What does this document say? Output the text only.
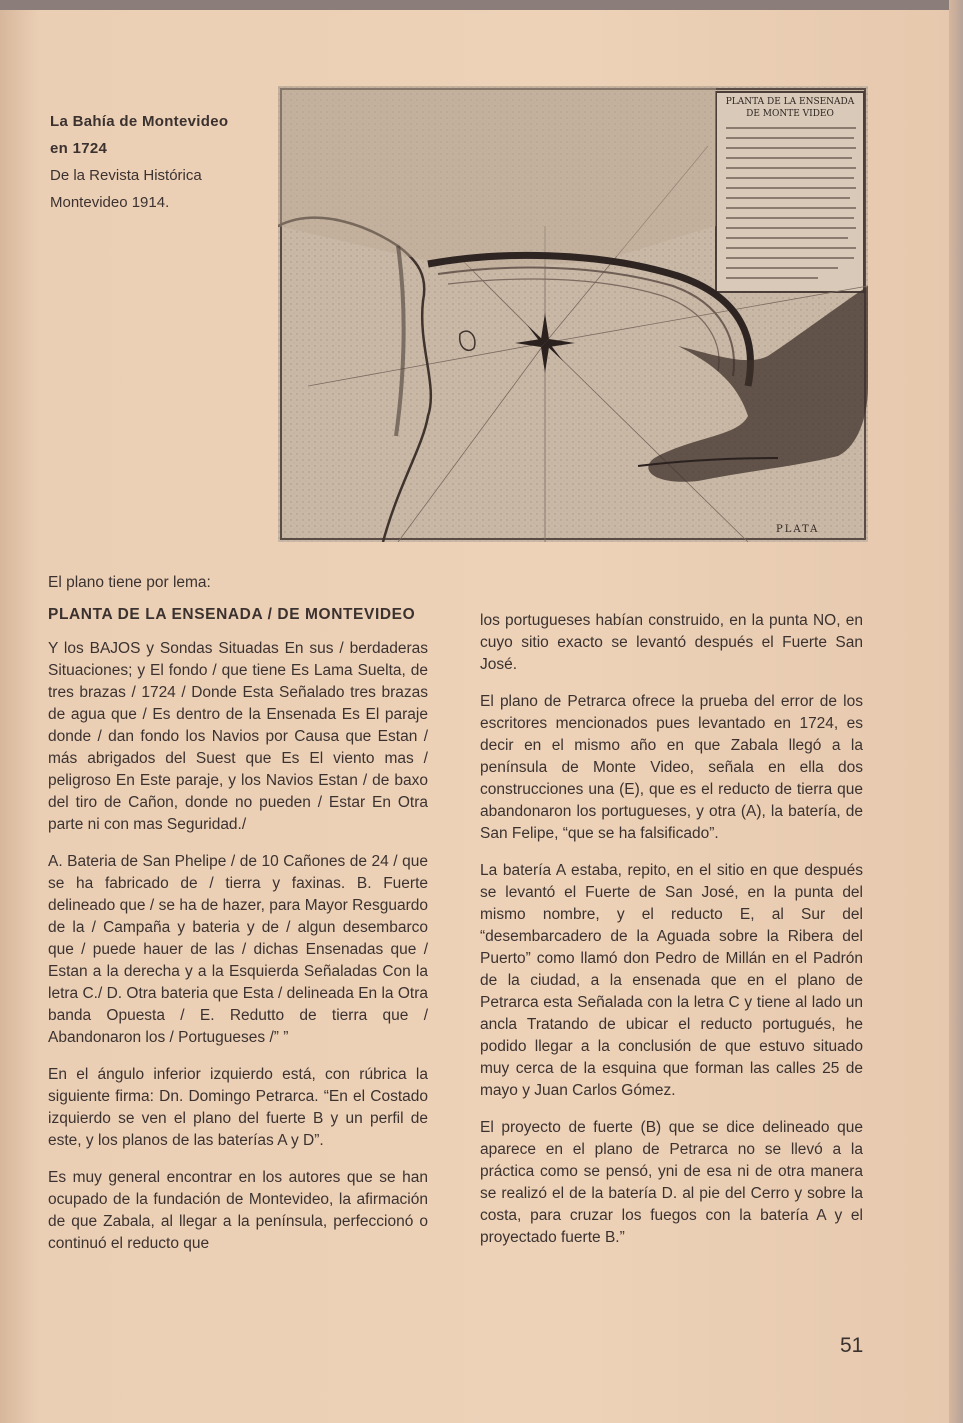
La Bahía de Montevideo
en 1724
De la Revista Histórica
Montevideo 1914.
PLANTA DE LA ENSENADA
DE MONTE VIDEO
PLATA

El plano tiene por lema:

PLANTA DE LA ENSENADA / DE MONTEVIDEO

Y los BAJOS y Sondas Situadas En sus / berdaderas Situaciones; y El fondo / que tiene Es Lama Suelta, de tres brazas / 1724 / Donde Esta Señalado tres brazas de agua que / Es dentro de la Ensenada Es El paraje donde / dan fondo los Navios por Causa que Estan / más abrigados del Suest que Es El viento mas / peligroso En Este paraje, y los Navios Estan / de baxo del tiro de Cañon, donde no pueden / Estar En Otra parte ni con mas Seguridad./

A. Bateria de San Phelipe / de 10 Cañones de 24 / que se ha fabricado de / tierra y faxinas. B. Fuerte delineado que / se ha de hazer, para Mayor Resguardo de la / Campaña y bateria y de / algun desembarco que / puede hauer de las / dichas Ensenadas que / Estan a la derecha y a la Esquierda Señaladas Con la letra C./ D. Otra bateria que Esta / delineada En la Otra banda Opuesta / E. Redutto de tierra que / Abandonaron los / Portugueses /” ”

En el ángulo inferior izquierdo está, con rúbrica la siguiente firma: Dn. Domingo Petrarca. “En el Costado izquierdo se ven el plano del fuerte B y un perfil de este, y los planos de las baterías A y D”.

Es muy general encontrar en los autores que se han ocupado de la fundación de Montevideo, la afirmación de que Zabala, al llegar a la península, perfeccionó o continuó el reducto que

los portugueses habían construido, en la punta NO, en cuyo sitio exacto se levantó después el Fuerte San José.

El plano de Petrarca ofrece la prueba del error de los escritores mencionados pues levantado en 1724, es decir en el mismo año en que Zabala llegó a la península de Monte Video, señala en ella dos construcciones una (E), que es el reducto de tierra que abandonaron los portugueses, y otra (A), la batería, de San Felipe, “que se ha falsificado”.

La batería A estaba, repito, en el sitio en que después se levantó el Fuerte de San José, en la punta del mismo nombre, y el reducto E, al Sur del “desembarcadero de la Aguada sobre la Ribera del Puerto” como llamó don Pedro de Millán en el Padrón de la ciudad, a la ensenada que en el plano de Petrarca esta Señalada con la letra C y tiene al lado un ancla Tratando de ubicar el reducto portugués, he podido llegar a la conclusión de que estuvo situado muy cerca de la esquina que forman las calles 25 de mayo y Juan Carlos Gómez.

El proyecto de fuerte (B) que se dice delineado que aparece en el plano de Petrarca no se llevó a la práctica como se pensó, yni de esa ni de otra manera se realizó el de la batería D. al pie del Cerro y sobre la costa, para cruzar los fuegos con la batería A y el proyectado fuerte B.”

51
